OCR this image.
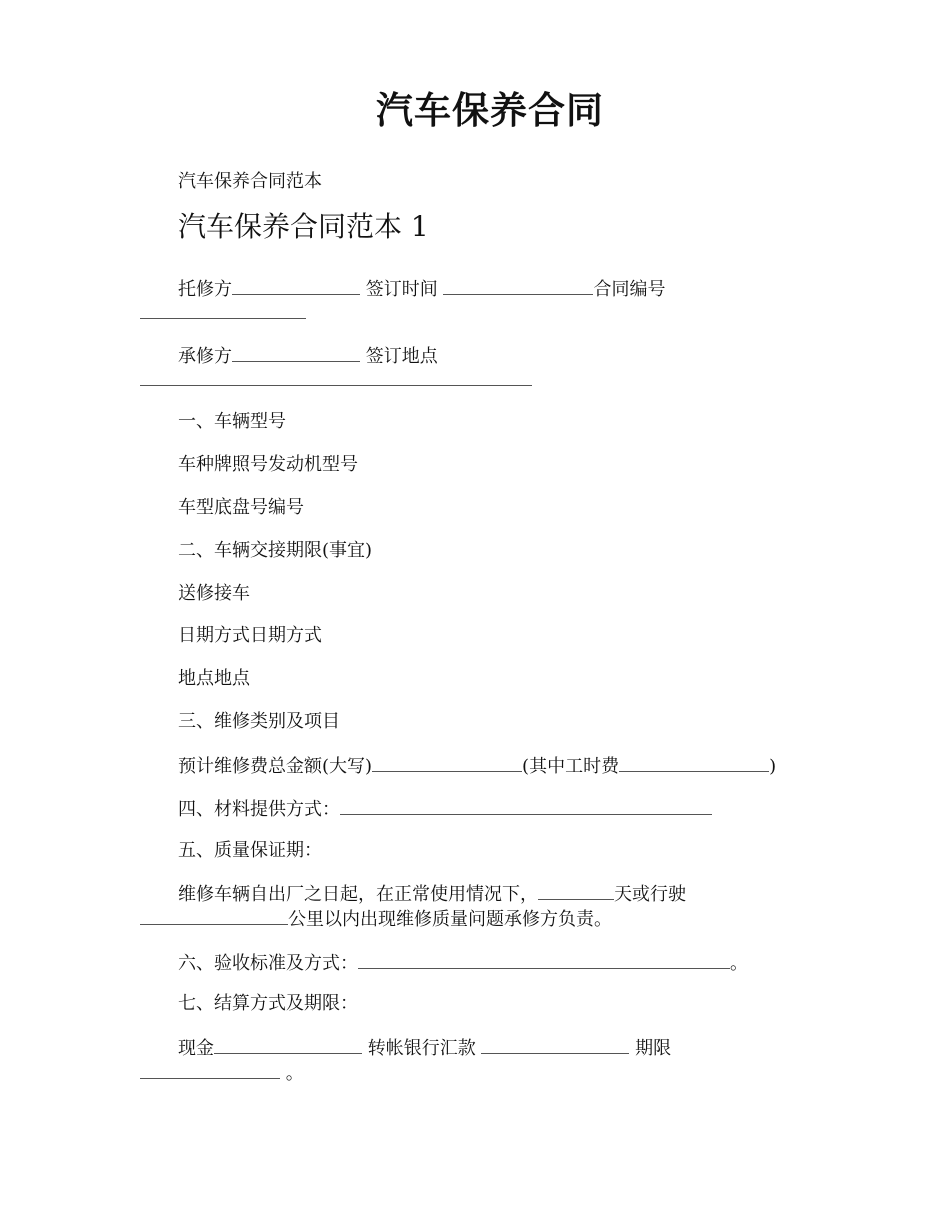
汽车保养合同
汽车保养合同范本
汽车保养合同范本 1
托修方	签订时间	合同编号
承修方	签订地点
一、车辆型号
车种牌照号发动机型号
车型底盘号编号
二、车辆交接期限(事宜)
送修接车
日期方式日期方式
地点地点
三、维修类别及项目
预计维修费总金额(大写)	(其中工时费	)
四、材料提供方式：
五、质量保证期：
维修车辆自出厂之日起，在正常使用情况下，	天或行驶
公里以内出现维修质量问题承修方负责。
六、验收标准及方式：	。
七、结算方式及期限：
现金	转帐银行汇款	期限
。
